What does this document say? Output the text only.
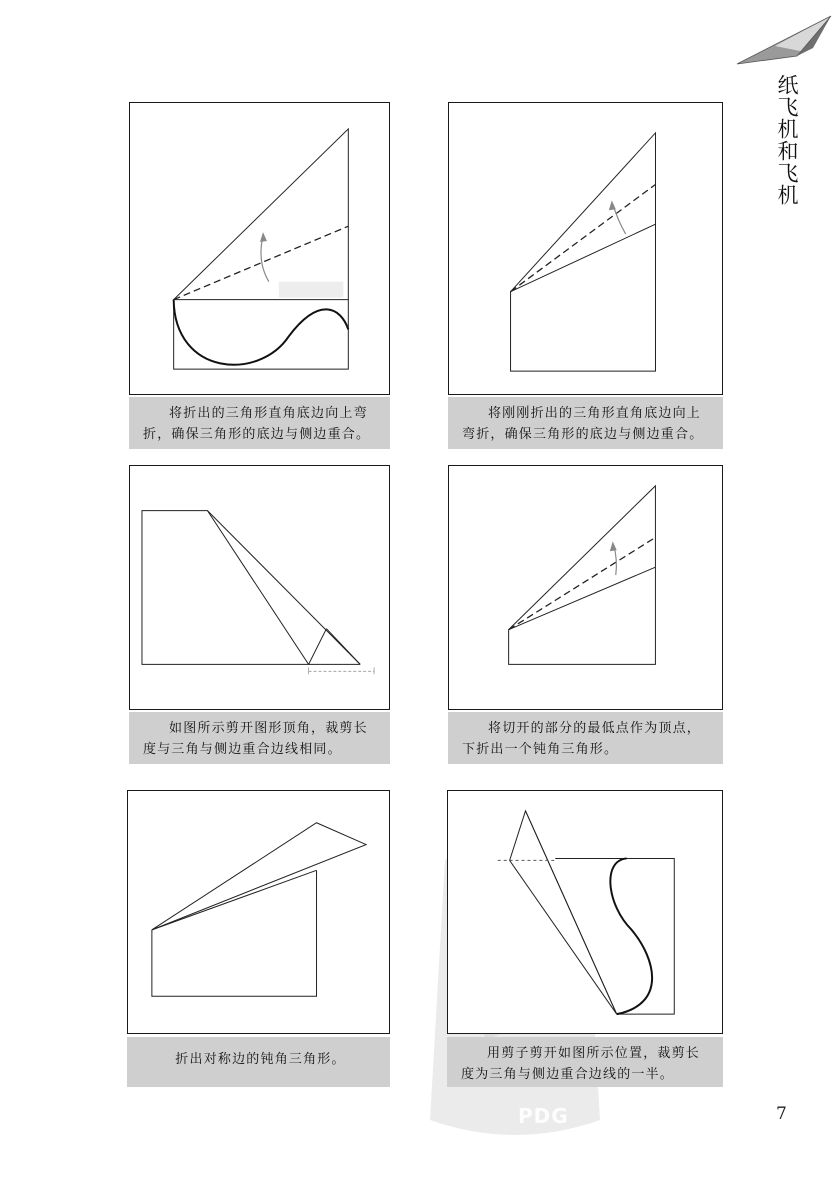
纸飞机和飞机
PDG

将折出的三角形直角底边向上弯折，确保三角形的底边与侧边重合。

将刚刚折出的三角形直角底边向上弯折，确保三角形的底边与侧边重合。

如图所示剪开图形顶角，裁剪长度与三角与侧边重合边线相同。

将切开的部分的最低点作为顶点，下折出一个钝角三角形。

折出对称边的钝角三角形。	用剪子剪开如图所示位置，裁剪长度为三角与侧边重合边线的一半。

7
